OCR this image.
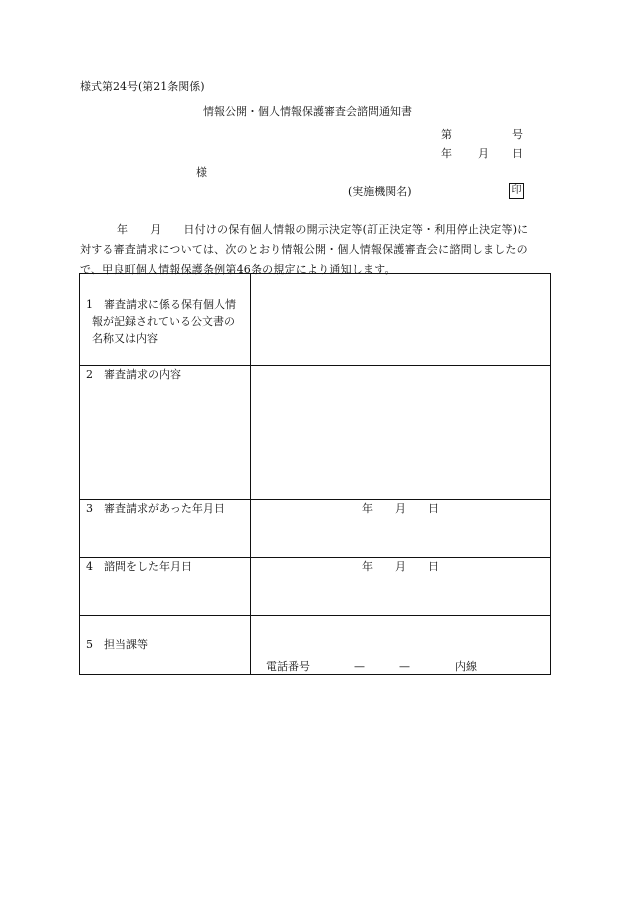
様式第24号(第21条関係)
情報公開・個人情報保護審査会諮問通知書
第	号
年 月 日
様
(実施機関名)	印

年 月 日付けの保有個人情報の開示決定等(訂正決定等・利用停止決定等)に

対する審査請求については、次のとおり情報公開・個人情報保護審査会に諮問しましたの

で、甲良町個人情報保護条例第46条の規定により通知します。

1 審査請求に係る保有個人情
報が記録されている公文書の
名称又は内容	

2 審査請求の内容	

3 審査請求があった年月日	年 月 日

4 諮問をした年月日	年 月 日

5 担当課等	

電話番号	—	—	内線
